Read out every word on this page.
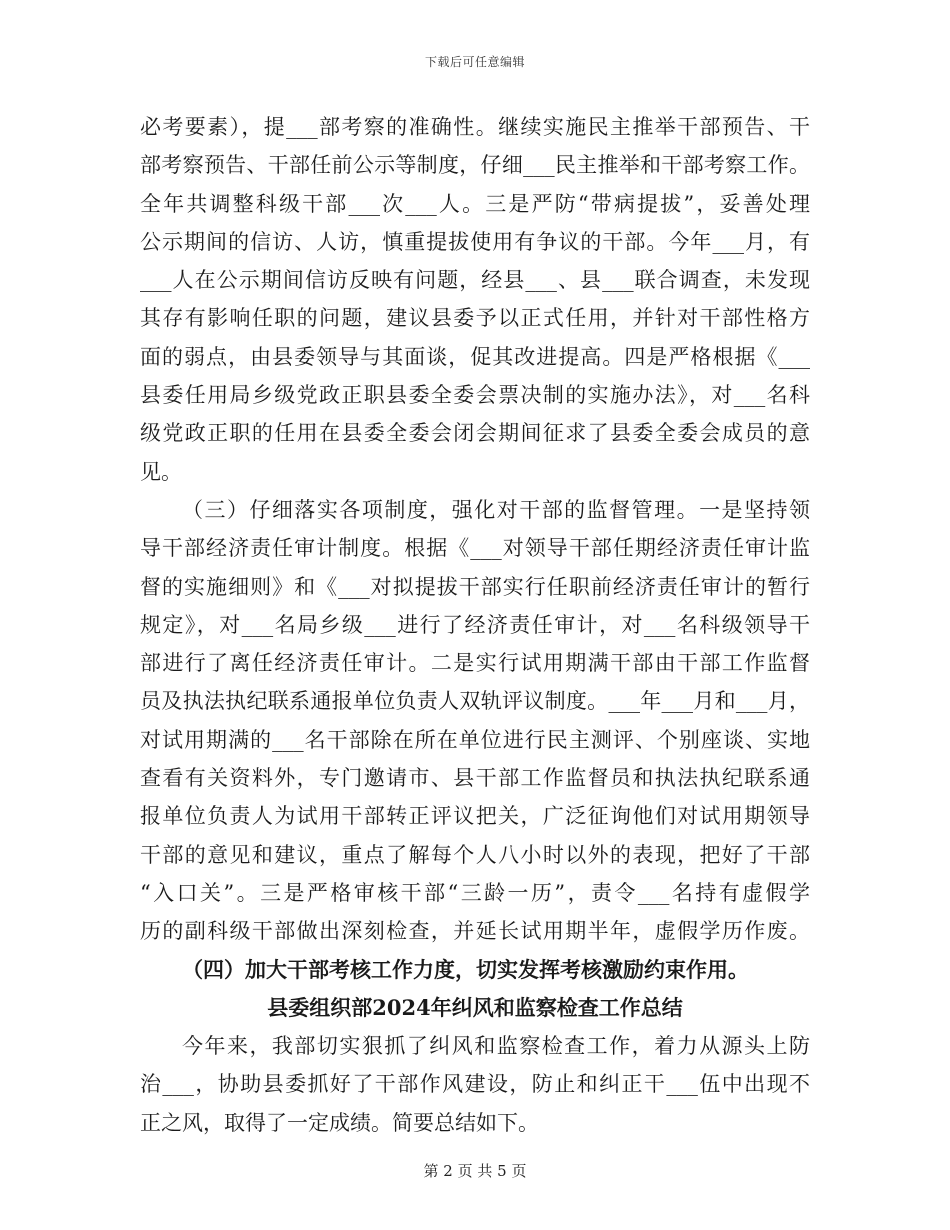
下载后可任意编辑
必考要素），提___部考察的准确性。继续实施民主推举干部预告、干
部考察预告、干部任前公示等制度，仔细___民主推举和干部考察工作。
全年共调整科级干部___次___人。三是严防“带病提拔”，妥善处理
公示期间的信访、人访，慎重提拔使用有争议的干部。今年___月，有
___人在公示期间信访反映有问题，经县___、县___联合调查，未发现
其存有影响任职的问题，建议县委予以正式任用，并针对干部性格方
面的弱点，由县委领导与其面谈，促其改进提高。四是严格根据《___
县委任用局乡级党政正职县委全委会票决制的实施办法》，对___名科
级党政正职的任用在县委全委会闭会期间征求了县委全委会成员的意
见。
（三）仔细落实各项制度，强化对干部的监督管理。一是坚持领
导干部经济责任审计制度。根据《___对领导干部任期经济责任审计监
督的实施细则》和《___对拟提拔干部实行任职前经济责任审计的暂行
规定》，对___名局乡级___进行了经济责任审计，对___名科级领导干
部进行了离任经济责任审计。二是实行试用期满干部由干部工作监督
员及执法执纪联系通报单位负责人双轨评议制度。___年___月和___月，
对试用期满的___名干部除在所在单位进行民主测评、个别座谈、实地
查看有关资料外，专门邀请市、县干部工作监督员和执法执纪联系通
报单位负责人为试用干部转正评议把关，广泛征询他们对试用期领导
干部的意见和建议，重点了解每个人八小时以外的表现，把好了干部
“入口关”。三是严格审核干部“三龄一历”，责令___名持有虚假学
历的副科级干部做出深刻检查，并延长试用期半年，虚假学历作废。
（四）加大干部考核工作力度，切实发挥考核激励约束作用。
县委组织部2024年纠风和监察检查工作总结
今年来，我部切实狠抓了纠风和监察检查工作，着力从源头上防
治___，协助县委抓好了干部作风建设，防止和纠正干___伍中出现不
正之风，取得了一定成绩。简要总结如下。
第 2 页 共 5 页
